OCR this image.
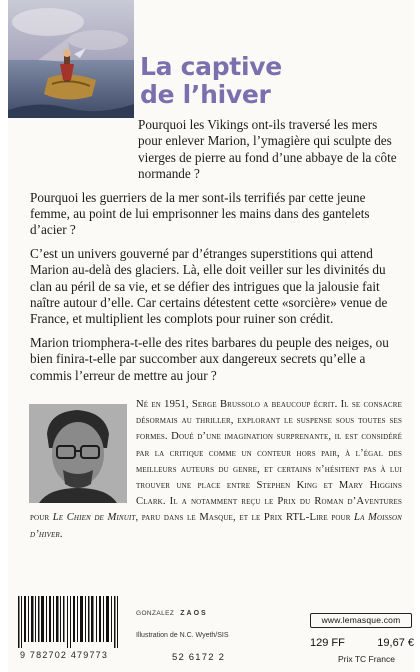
La captive
de l’hiver

Pourquoi les Vikings ont-ils traversé les mers pour enlever Marion, l’ymagière qui sculpte des vierges de pierre au fond d’une abbaye de la côte normande ?

Pourquoi les guerriers de la mer sont-ils terrifiés par cette jeune femme, au point de lui emprisonner les mains dans des gantelets d’acier ?

C’est un univers gouverné par d’étranges superstitions qui attend Marion au-delà des glaciers. Là, elle doit veiller sur les divinités du clan au péril de sa vie, et se défier des intrigues que la jalousie fait naître autour d’elle. Car certains détestent cette «sorcière» venue de France, et multiplient les complots pour ruiner son crédit.

Marion triomphera-t-elle des rites barbares du peuple des neiges, ou bien finira-t-elle par succomber aux dangereux secrets qu’elle a commis l’erreur de mettre au jour ?

Né en 1951, Serge Brussolo a beaucoup écrit. Il se consacre désormais au thriller, explorant le suspense sous toutes ses formes. Doué d’une imagination surprenante, il est considéré par la critique comme un conteur hors pair, à l’égal des meilleurs auteurs du genre, et certains n’hésitent pas à lui trouver une place entre Stephen King et Mary Higgins Clark. Il a notamment reçu le Prix du Roman d’Aventures pour Le Chien de Minuit, paru dans le Masque, et le Prix RTL-Lire pour La Moisson d’hiver.
9 782702 479773
GONZALEZ ZAOS
Illustration de N.C. Wyeth/SIS
52 6172 2
www.lemasque.com
129 FF	19,67 €
Prix TC France
